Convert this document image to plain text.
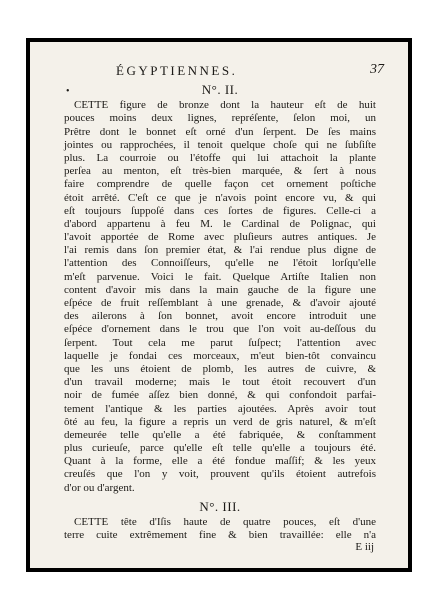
ÉGYPTIENNES.	37
•	N°. II.

CETTE figure de bronze dont la hauteur eſt de huit

pouces moins deux lignes, repréſente, ſelon moi, un

Prêtre dont le bonnet eſt orné d'un ſerpent. De ſes mains

jointes ou rapprochées, il tenoit quelque choſe qui ne ſubſiſte

plus. La courroie ou l'étoffe qui lui attachoit la plante

perſea au menton, eſt très-bien marquée, & ſert à nous

faire comprendre de quelle façon cet ornement poſtiche

étoit arrêté. C'eſt ce que je n'avois point encore vu, & qui

eſt toujours ſuppoſé dans ces ſortes de figures. Celle-ci a

d'abord appartenu à feu M. le Cardinal de Polignac, qui

l'avoit apportée de Rome avec pluſieurs autres antiques. Je

l'ai remis dans ſon premier état, & l'ai rendue plus digne de

l'attention des Connoiſſeurs, qu'elle ne l'étoit lorſqu'elle

m'eſt parvenue. Voici le fait. Quelque Artiſte Italien non

content d'avoir mis dans la main gauche de la figure une

eſpéce de fruit reſſemblant à une grenade, & d'avoir ajouté

des ailerons à ſon bonnet, avoit encore introduit une

eſpéce d'ornement dans le trou que l'on voit au-deſſous du

ſerpent. Tout cela me parut ſuſpect; l'attention avec

laquelle je fondai ces morceaux, m'eut bien-tôt convaincu

que les uns étoient de plomb, les autres de cuivre, &

d'un travail moderne; mais le tout étoit recouvert d'un

noir de fumée aſſez bien donné, & qui confondoit parfai-

tement l'antique & les parties ajoutées. Après avoir tout

ôté au feu, la figure a repris un verd de gris naturel, & m'eſt

demeurée telle qu'elle a été fabriquée, & conſtamment

plus curieuſe, parce qu'elle eſt telle qu'elle a toujours été.

Quant à la forme, elle a été fondue maſſif; & les yeux

creuſés que l'on y voit, prouvent qu'ils étoient autrefois

d'or ou d'argent.

N°. III.

CETTE tête d'Iſis haute de quatre pouces, eſt d'une

terre cuite extrêmement fine & bien travaillée: elle n'a

E iij
